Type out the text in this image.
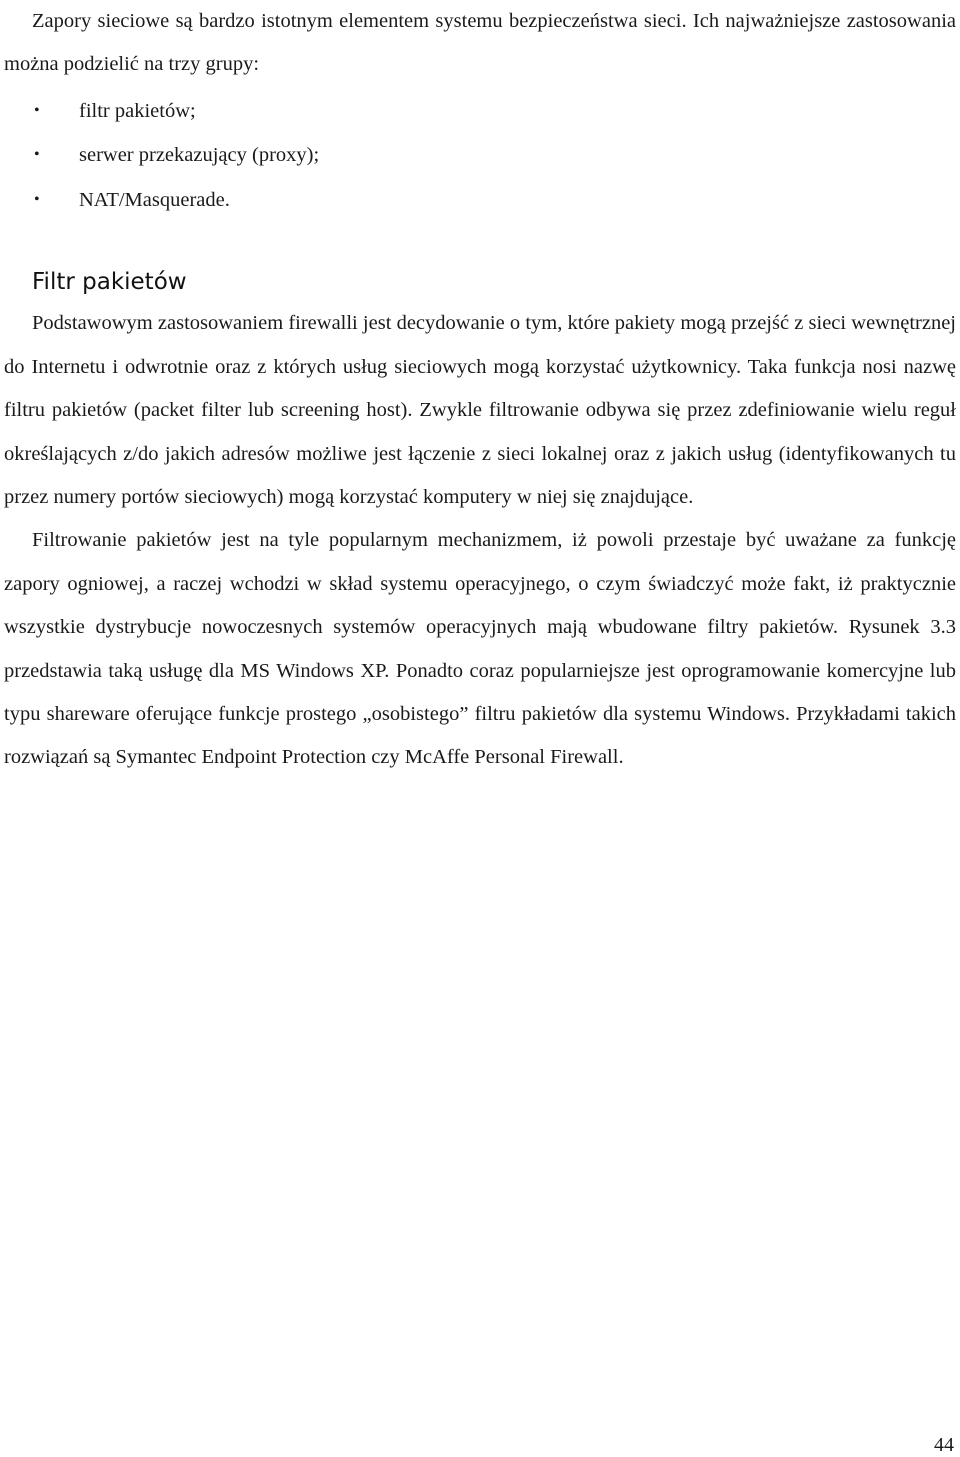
Zapory sieciowe są bardzo istotnym elementem systemu bezpieczeństwa sieci. Ich najważniejsze zastosowania można podzielić na trzy grupy:

• filtr pakietów;
• serwer przekazujący (proxy);
• NAT/Masquerade.
Filtr pakietów

Podstawowym zastosowaniem firewalli jest decydowanie o tym, które pakiety mogą przejść z sieci wewnętrznej do Internetu i odwrotnie oraz z których usług sieciowych mogą korzystać użytkownicy. Taka funkcja nosi nazwę filtru pakietów (packet filter lub screening host). Zwykle filtrowanie odbywa się przez zdefiniowanie wielu reguł określających z/do jakich adresów możliwe jest łączenie z sieci lokalnej oraz z jakich usług (identyfikowanych tu przez numery portów sieciowych) mogą korzystać komputery w niej się znajdujące.

Filtrowanie pakietów jest na tyle popularnym mechanizmem, iż powoli przestaje być uważane za funkcję zapory ogniowej, a raczej wchodzi w skład systemu operacyjnego, o czym świadczyć może fakt, iż praktycznie wszystkie dystrybucje nowoczesnych systemów operacyjnych mają wbudowane filtry pakietów. Rysunek 3.3 przedstawia taką usługę dla MS Windows XP. Ponadto coraz popularniejsze jest oprogramowanie komercyjne lub typu shareware oferujące funkcje prostego „osobistego” filtru pakietów dla systemu Windows. Przykładami takich rozwiązań są Symantec Endpoint Protection czy McAffe Personal Firewall.

44
